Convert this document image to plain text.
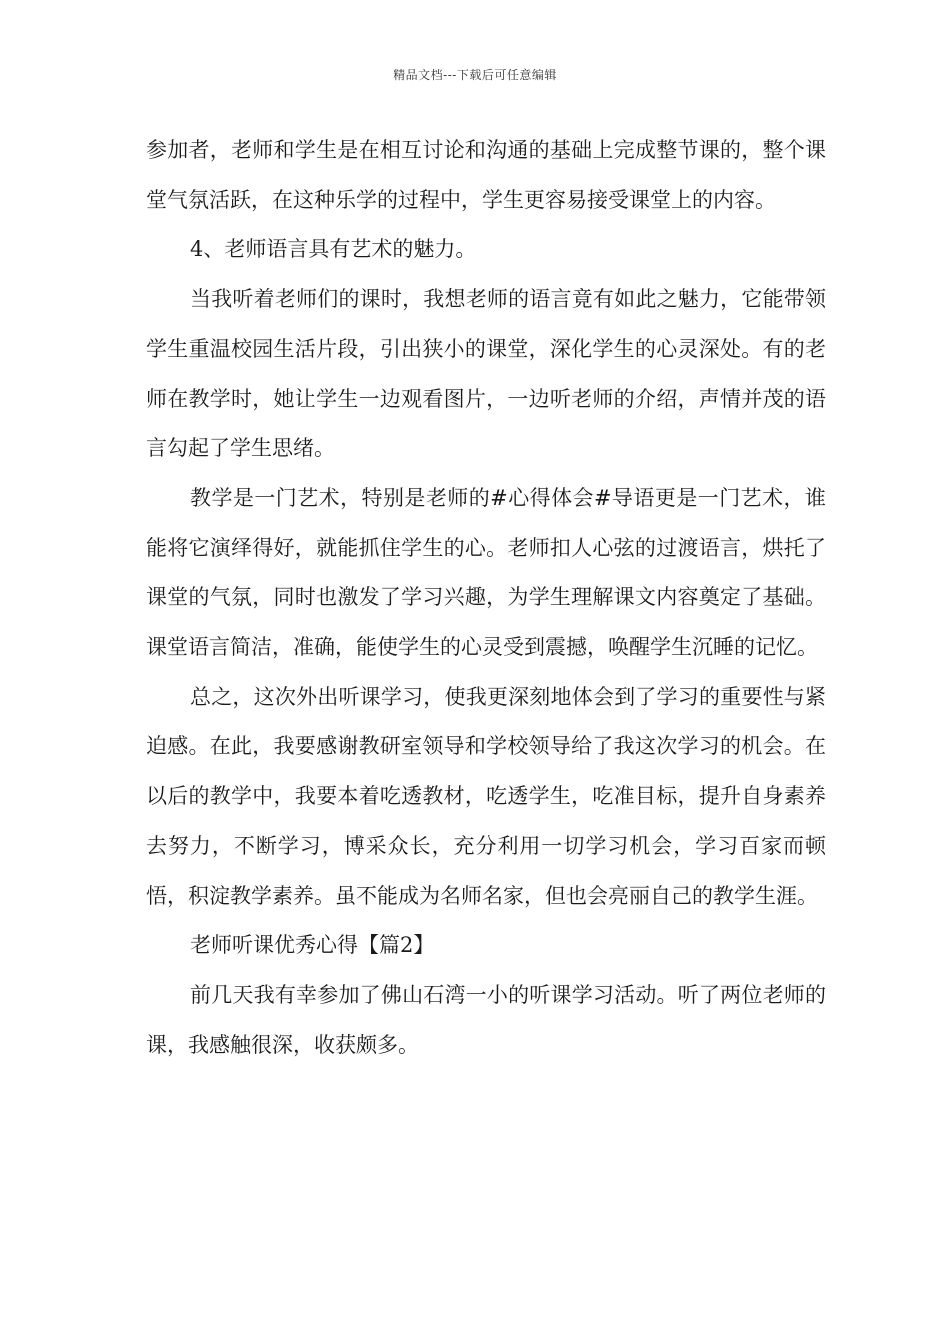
精品文档---下载后可任意编辑

参加者，老师和学生是在相互讨论和沟通的基础上完成整节课的，整个课堂气氛活跃，在这种乐学的过程中，学生更容易接受课堂上的内容。

4、老师语言具有艺术的魅力。

当我听着老师们的课时，我想老师的语言竟有如此之魅力，它能带领学生重温校园生活片段，引出狭小的课堂，深化学生的心灵深处。有的老师在教学时，她让学生一边观看图片，一边听老师的介绍，声情并茂的语言勾起了学生思绪。

教学是一门艺术，特别是老师的#心得体会#导语更是一门艺术，谁能将它演绎得好，就能抓住学生的心。老师扣人心弦的过渡语言，烘托了课堂的气氛，同时也激发了学习兴趣，为学生理解课文内容奠定了基础。课堂语言简洁，准确，能使学生的心灵受到震撼，唤醒学生沉睡的记忆。

总之，这次外出听课学习，使我更深刻地体会到了学习的重要性与紧迫感。在此，我要感谢教研室领导和学校领导给了我这次学习的机会。在以后的教学中，我要本着吃透教材，吃透学生，吃准目标，提升自身素养去努力，不断学习，博采众长，充分利用一切学习机会，学习百家而顿悟，积淀教学素养。虽不能成为名师名家，但也会亮丽自己的教学生涯。

老师听课优秀心得【篇2】

前几天我有幸参加了佛山石湾一小的听课学习活动。听了两位老师的课，我感触很深，收获颇多。
